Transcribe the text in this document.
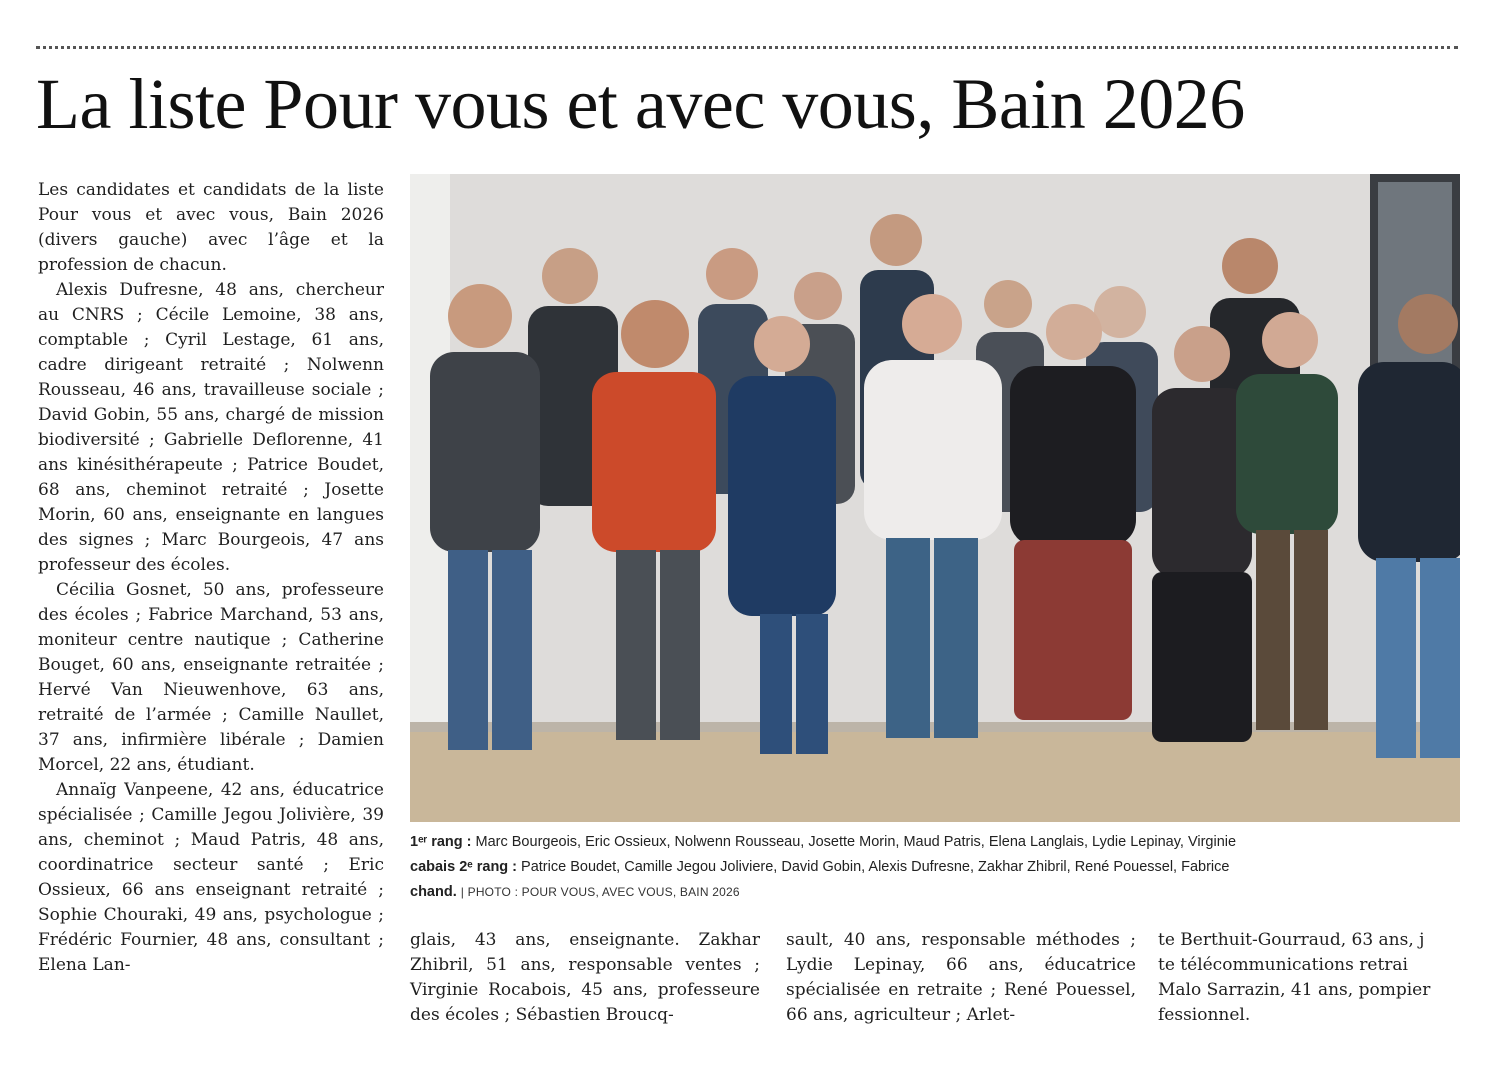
La liste Pour vous et avec vous, Bain 2026

Les candidates et candidats de la liste Pour vous et avec vous, Bain 2026 (divers gauche) avec l’âge et la profession de chacun.

Alexis Dufresne, 48 ans, chercheur au CNRS ; Cécile Lemoine, 38 ans, comptable ; Cyril Lestage, 61 ans, cadre dirigeant retraité ; Nolwenn Rousseau, 46 ans, travailleuse sociale ; David Gobin, 55 ans, chargé de mission biodiversité ; Gabrielle Deflorenne, 41 ans kinésithérapeute ; Patrice Boudet, 68 ans, cheminot retraité ; Josette Morin, 60 ans, enseignante en langues des signes ; Marc Bourgeois, 47 ans professeur des écoles.

Cécilia Gosnet, 50 ans, professeure des écoles ; Fabrice Marchand, 53 ans, moniteur centre nautique ; Catherine Bouget, 60 ans, enseignante retraitée ; Hervé Van Nieuwenhove, 63 ans, retraité de l’armée ; Camille Naullet, 37 ans, infirmière libérale ; Damien Morcel, 22 ans, étudiant.

Annaïg Vanpeene, 42 ans, éducatrice spécialisée ; Camille Jegou Jolivière, 39 ans, cheminot ; Maud Patris, 48 ans, coordinatrice secteur santé ; Eric Ossieux, 66 ans enseignant retraité ; Sophie Chouraki, 49 ans, psychologue ; Frédéric Fournier, 48 ans, consultant ; Elena Lan-

1ᵉʳ rang : Marc Bourgeois, Eric Ossieux, Nolwenn Rousseau, Josette Morin, Maud Patris, Elena Langlais, Lydie Lepinay, Virginie
cabais 2ᵉ rang : Patrice Boudet, Camille Jegou Joliviere, David Gobin, Alexis Dufresne, Zakhar Zhibril, René Pouessel, Fabrice
chand. | PHOTO : POUR VOUS, AVEC VOUS, BAIN 2026

glais, 43 ans, enseignante. Zakhar Zhibril, 51 ans, responsable ventes ; Virginie Rocabois, 45 ans, professeure des écoles ; Sébastien Broucq-

sault, 40 ans, responsable méthodes ; Lydie Lepinay, 66 ans, éducatrice spécialisée en retraite ; René Pouessel, 66 ans, agriculteur ; Arlet-

te Berthuit-Gourraud, 63 ans, j
te télécommunications retrai
Malo Sarrazin, 41 ans, pompier
fessionnel.
